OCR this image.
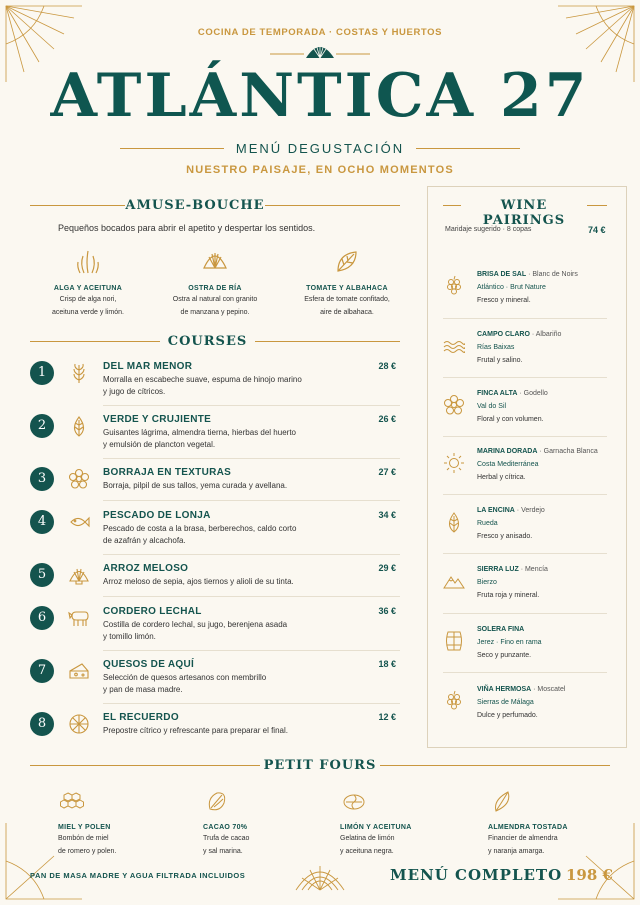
COCINA DE TEMPORADA · COSTAS Y HUERTOS
ATLÁNTICA 27
MENÚ DEGUSTACIÓN
NUESTRO PAISAJE, EN OCHO MOMENTOS
AMUSE-BOUCHE
Pequeños bocados para abrir el apetito y despertar los sentidos.
ALGA Y ACEITUNA
Crisp de alga nori,
aceituna verde y limón.
OSTRA DE RÍA
Ostra al natural con granito
de manzana y pepino.
TOMATE Y ALBAHACA
Esfera de tomate confitado,
aire de albahaca.
COURSES
1	DEL MAR MENOR	28 €
Morralla en escabeche suave, espuma de hinojo marino
y jugo de cítricos.
2	VERDE Y CRUJIENTE	26 €
Guisantes lágrima, almendra tierna, hierbas del huerto
y emulsión de plancton vegetal.
3	BORRAJA EN TEXTURAS	27 €
Borraja, pilpil de sus tallos, yema curada y avellana.
4	PESCADO DE LONJA	34 €
Pescado de costa a la brasa, berberechos, caldo corto
de azafrán y alcachofa.
5	ARROZ MELOSO	29 €
Arroz meloso de sepia, ajos tiernos y alioli de su tinta.
6	CORDERO LECHAL	36 €
Costilla de cordero lechal, su jugo, berenjena asada
y tomillo limón.
7	QUESOS DE AQUÍ	18 €
Selección de quesos artesanos con membrillo
y pan de masa madre.
8	EL RECUERDO	12 €
Prepostre cítrico y refrescante para preparar el final.
WINE PAIRINGS
Maridaje sugerido · 8 copas	74 €
BRISA DE SAL · Blanc de Noirs
Atlántico · Brut Nature
Fresco y mineral.
CAMPO CLARO · Albariño
Rías Baixas
Frutal y salino.
FINCA ALTA · Godello
Val do Sil
Floral y con volumen.
MARINA DORADA · Garnacha Blanca
Costa Mediterránea
Herbal y cítrica.
LA ENCINA · Verdejo
Rueda
Fresco y anisado.
SIERRA LUZ · Mencía
Bierzo
Fruta roja y mineral.
SOLERA FINA
Jerez · Fino en rama
Seco y punzante.
VIÑA HERMOSA · Moscatel
Sierras de Málaga
Dulce y perfumado.
PETIT FOURS
MIEL Y POLEN
Bombón de miel
de romero y polen.
CACAO 70%
Trufa de cacao
y sal marina.
LIMÓN Y ACEITUNA
Gelatina de limón
y aceituna negra.
ALMENDRA TOSTADA
Financier de almendra
y naranja amarga.
PAN DE MASA MADRE Y AGUA FILTRADA INCLUIDOS	MENÚ COMPLETO 198 €
